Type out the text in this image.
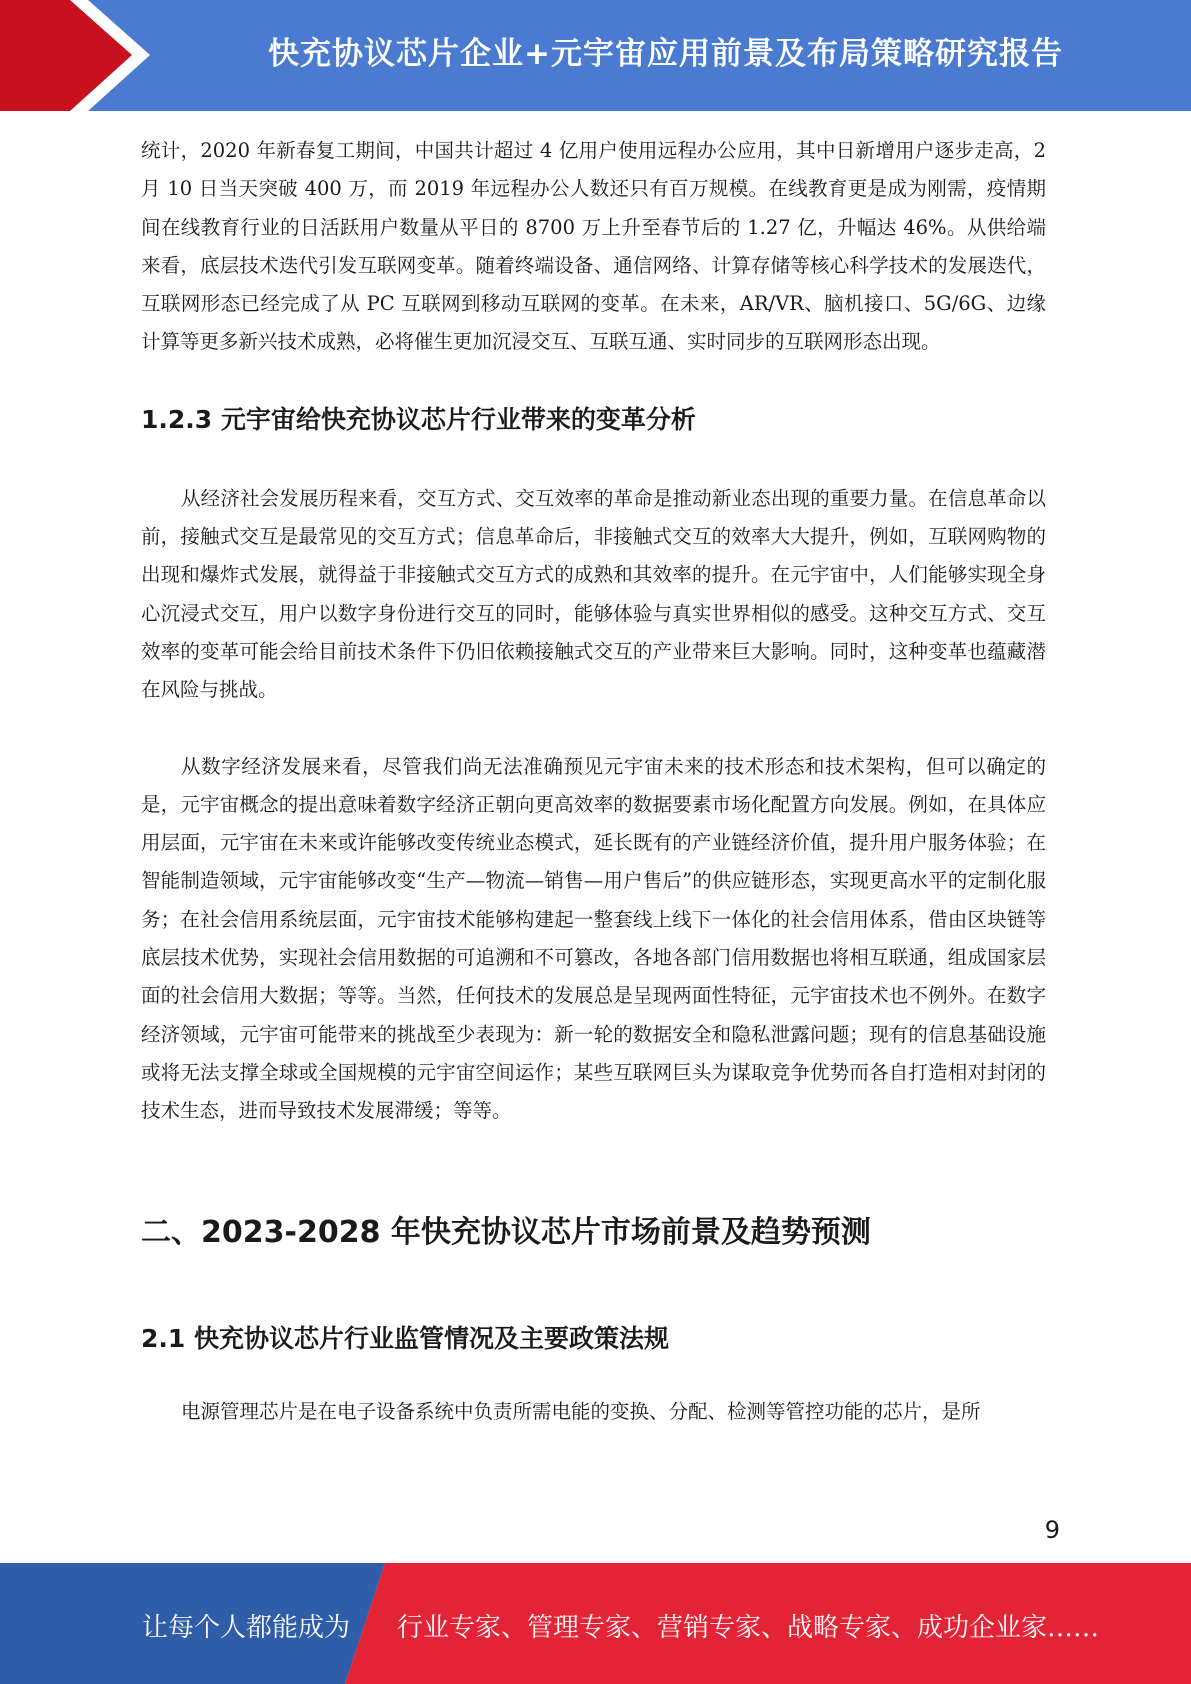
快充协议芯片企业+元宇宙应用前景及布局策略研究报告

统计，2020 年新春复工期间，中国共计超过 4 亿用户使用远程办公应用，其中日新增用户逐步走高，2 月 10 日当天突破 400 万，而 2019 年远程办公人数还只有百万规模。在线教育更是成为刚需，疫情期间在线教育行业的日活跃用户数量从平日的 8700 万上升至春节后的 1.27 亿，升幅达 46%。从供给端来看，底层技术迭代引发互联网变革。随着终端设备、通信网络、计算存储等核心科学技术的发展迭代，互联网形态已经完成了从 PC 互联网到移动互联网的变革。在未来，AR/VR、脑机接口、5G/6G、边缘计算等更多新兴技术成熟，必将催生更加沉浸交互、互联互通、实时同步的互联网形态出现。

1.2.3 元宇宙给快充协议芯片行业带来的变革分析

从经济社会发展历程来看，交互方式、交互效率的革命是推动新业态出现的重要力量。在信息革命以前，接触式交互是最常见的交互方式；信息革命后，非接触式交互的效率大大提升，例如，互联网购物的出现和爆炸式发展，就得益于非接触式交互方式的成熟和其效率的提升。在元宇宙中，人们能够实现全身心沉浸式交互，用户以数字身份进行交互的同时，能够体验与真实世界相似的感受。这种交互方式、交互效率的变革可能会给目前技术条件下仍旧依赖接触式交互的产业带来巨大影响。同时，这种变革也蕴藏潜在风险与挑战。

从数字经济发展来看，尽管我们尚无法准确预见元宇宙未来的技术形态和技术架构，但可以确定的是，元宇宙概念的提出意味着数字经济正朝向更高效率的数据要素市场化配置方向发展。例如，在具体应用层面，元宇宙在未来或许能够改变传统业态模式，延长既有的产业链经济价值，提升用户服务体验；在智能制造领域，元宇宙能够改变“生产—物流—销售—用户售后”的供应链形态，实现更高水平的定制化服务；在社会信用系统层面，元宇宙技术能够构建起一整套线上线下一体化的社会信用体系，借由区块链等底层技术优势，实现社会信用数据的可追溯和不可篡改，各地各部门信用数据也将相互联通，组成国家层面的社会信用大数据；等等。当然，任何技术的发展总是呈现两面性特征，元宇宙技术也不例外。在数字经济领域，元宇宙可能带来的挑战至少表现为：新一轮的数据安全和隐私泄露问题；现有的信息基础设施或将无法支撑全球或全国规模的元宇宙空间运作；某些互联网巨头为谋取竞争优势而各自打造相对封闭的技术生态，进而导致技术发展滞缓；等等。

二、2023-2028 年快充协议芯片市场前景及趋势预测

2.1 快充协议芯片行业监管情况及主要政策法规

电源管理芯片是在电子设备系统中负责所需电能的变换、分配、检测等管控功能的芯片，是所

9
让每个人都能成为 行业专家、管理专家、营销专家、战略专家、成功企业家……
